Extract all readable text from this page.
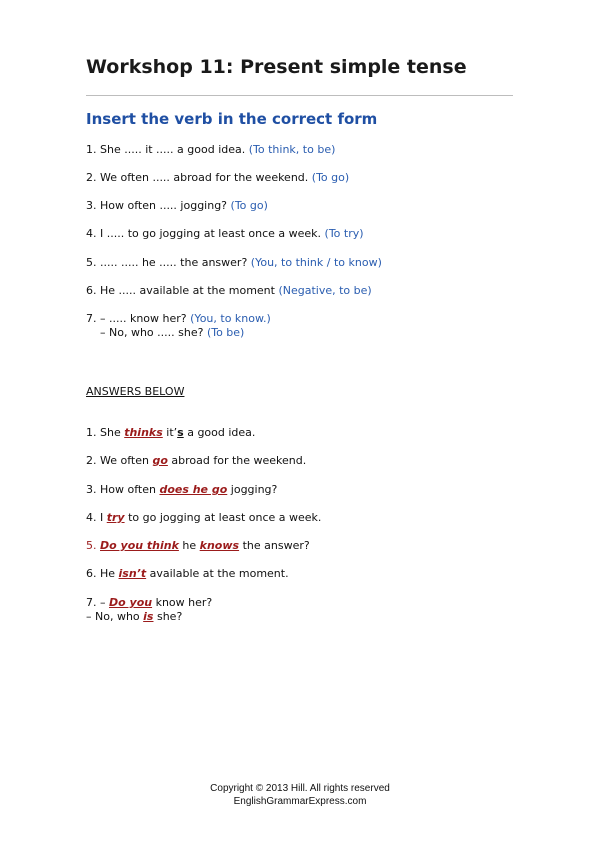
Workshop 11: Present simple tense
Insert the verb in the correct form
1. She ..... it ..... a good idea. (To think, to be)
2. We often ..... abroad for the weekend. (To go)
3. How often ..... jogging? (To go)
4. I ..... to go jogging at least once a week. (To try)
5. ..... ..... he ..... the answer? (You, to think / to know)
6. He ..... available at the moment (Negative, to be)
7. – ..... know her? (You, to know.)
– No, who ..... she? (To be)
ANSWERS BELOW
1. She thinks it’s a good idea.
2. We often go abroad for the weekend.
3. How often does he go jogging?
4. I try to go jogging at least once a week.
5. Do you think he knows the answer?
6. He isn’t available at the moment.
7. – Do you know her?
– No, who is she?
Copyright © 2013 Hill. All rights reserved
EnglishGrammarExpress.com
